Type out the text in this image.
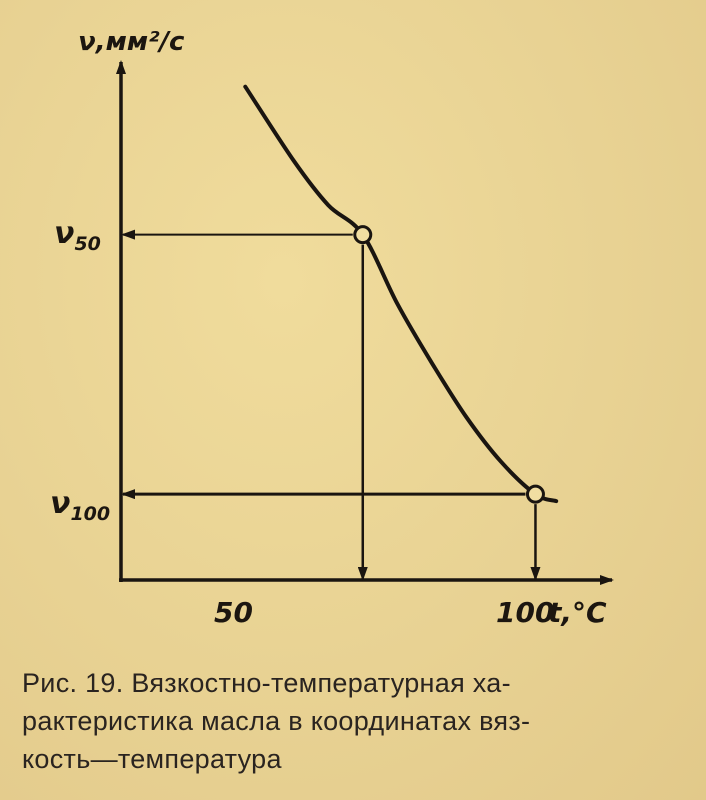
ν,мм²/с
t,°C
50	100
$\nu_{50}$
$\nu_{100}$
Рис. 19. Вязкостно-температурная ха-
рактеристика масла в координатах вяз-
кость—температура
